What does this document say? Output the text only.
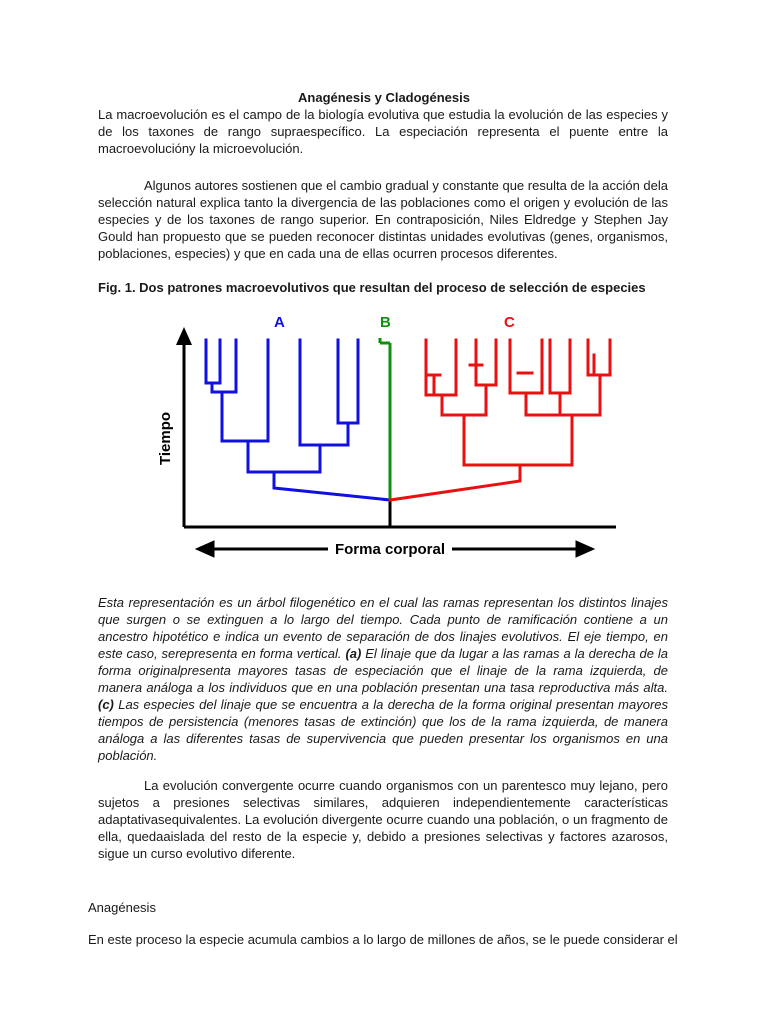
Anagénesis y Cladogénesis

La macroevolución es el campo de la biología evolutiva que estudia la evolución de las especies y de los taxones de rango supraespecífico. La especiación representa el puente entre la macroevoluciónу la microevolución.

Algunos autores sostienen que el cambio gradual y constante que resulta de la acción dela selección natural explica tanto la divergencia de las poblaciones como el origen y evolución de las especies y de los taxones de rango superior. En contraposición, Niles Eldredge y Stephen Jay Gould han propuesto que se pueden reconocer distintas unidades evolutivas (genes, organismos, poblaciones, especies) y que en cada una de ellas ocurren procesos diferentes.

Fig. 1. Dos patrones macroevolutivos que resultan del proceso de selección de especies
Tiempo
A	B	C
Forma corporal

Esta representación es un árbol filogenético en el cual las ramas representan los distintos linajes que surgen o se extinguen a lo largo del tiempo. Cada punto de ramificación contiene a un ancestro hipotético e indica un evento de separación de dos linajes evolutivos. El eje tiempo, en este caso, serepresenta en forma vertical. (a) El linaje que da lugar a las ramas a la derecha de la forma originalpresenta mayores tasas de especiación que el linaje de la rama izquierda, de manera análoga a los individuos que en una población presentan una tasa reproductiva más alta. (c) Las especies del linaje que se encuentra a la derecha de la forma original presentan mayores tiempos de persistencia (menores tasas de extinción) que los de la rama izquierda, de manera análoga a las diferentes tasas de supervivencia que pueden presentar los organismos en una población.

La evolución convergente ocurre cuando organismos con un parentesco muy lejano, pero sujetos a presiones selectivas similares, adquieren independientemente características adaptativasequivalentes. La evolución divergente ocurre cuando una población, o un fragmento de ella, quedaaislada del resto de la especie y, debido a presiones selectivas y factores azarosos, sigue un curso evolutivo diferente.

Anagénesis
En este proceso la especie acumula cambios a lo largo de millones de años, se le puede considerar el
